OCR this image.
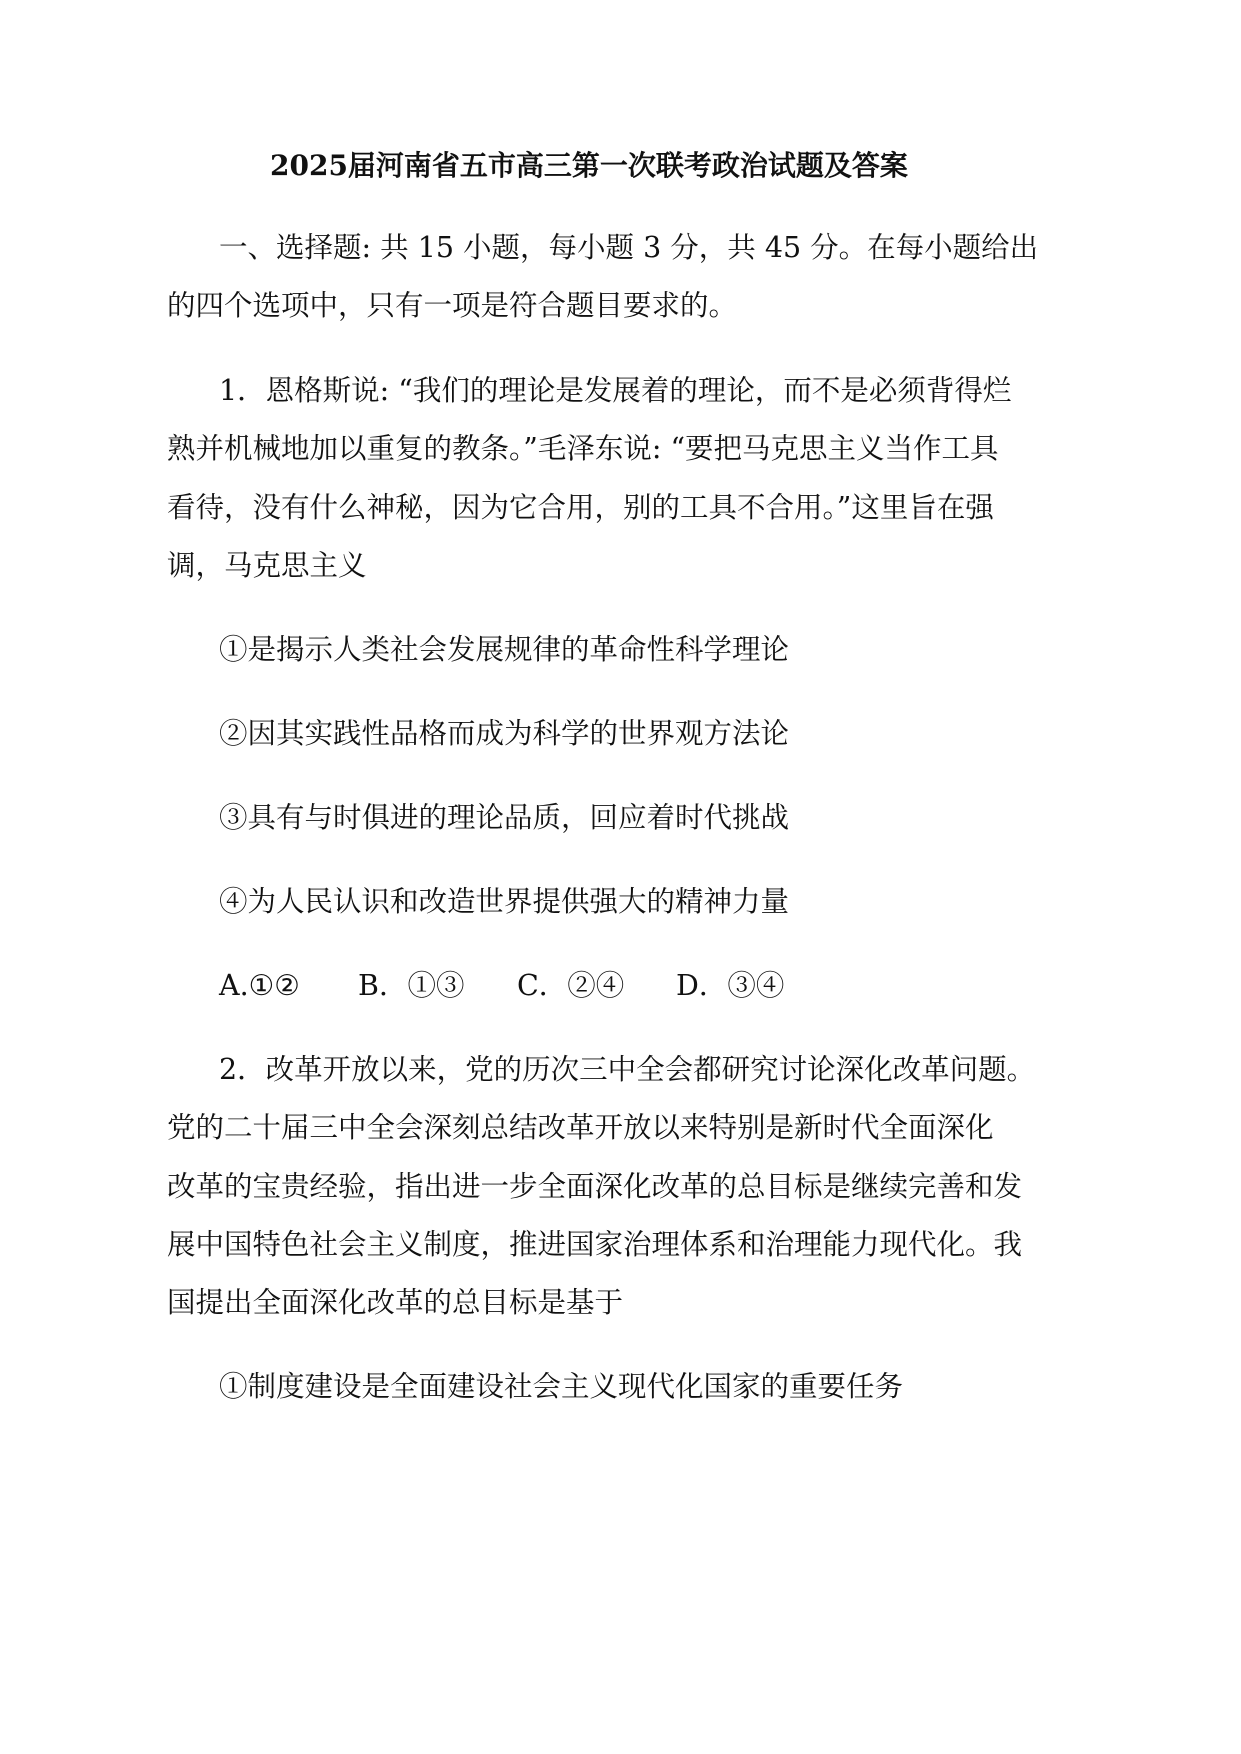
2025届河南省五市高三第一次联考政治试题及答案
一、选择题: 共 15 小题，每小题 3 分，共 45 分。在每小题给出
的四个选项中，只有一项是符合题目要求的。
1．恩格斯说: “我们的理论是发展着的理论，而不是必须背得烂
熟并机械地加以重复的教条。”毛泽东说: “要把马克思主义当作工具
看待，没有什么神秘，因为它合用，别的工具不合用。”这里旨在强
调，马克思主义
①是揭示人类社会发展规律的革命性科学理论
②因其实践性品格而成为科学的世界观方法论
③具有与时俱进的理论品质，回应着时代挑战
④为人民认识和改造世界提供强大的精神力量
A.①② B．①③ C．②④ D．③④
2．改革开放以来，党的历次三中全会都研究讨论深化改革问题。
党的二十届三中全会深刻总结改革开放以来特别是新时代全面深化
改革的宝贵经验，指出进一步全面深化改革的总目标是继续完善和发
展中国特色社会主义制度，推进国家治理体系和治理能力现代化。我
国提出全面深化改革的总目标是基于
①制度建设是全面建设社会主义现代化国家的重要任务
